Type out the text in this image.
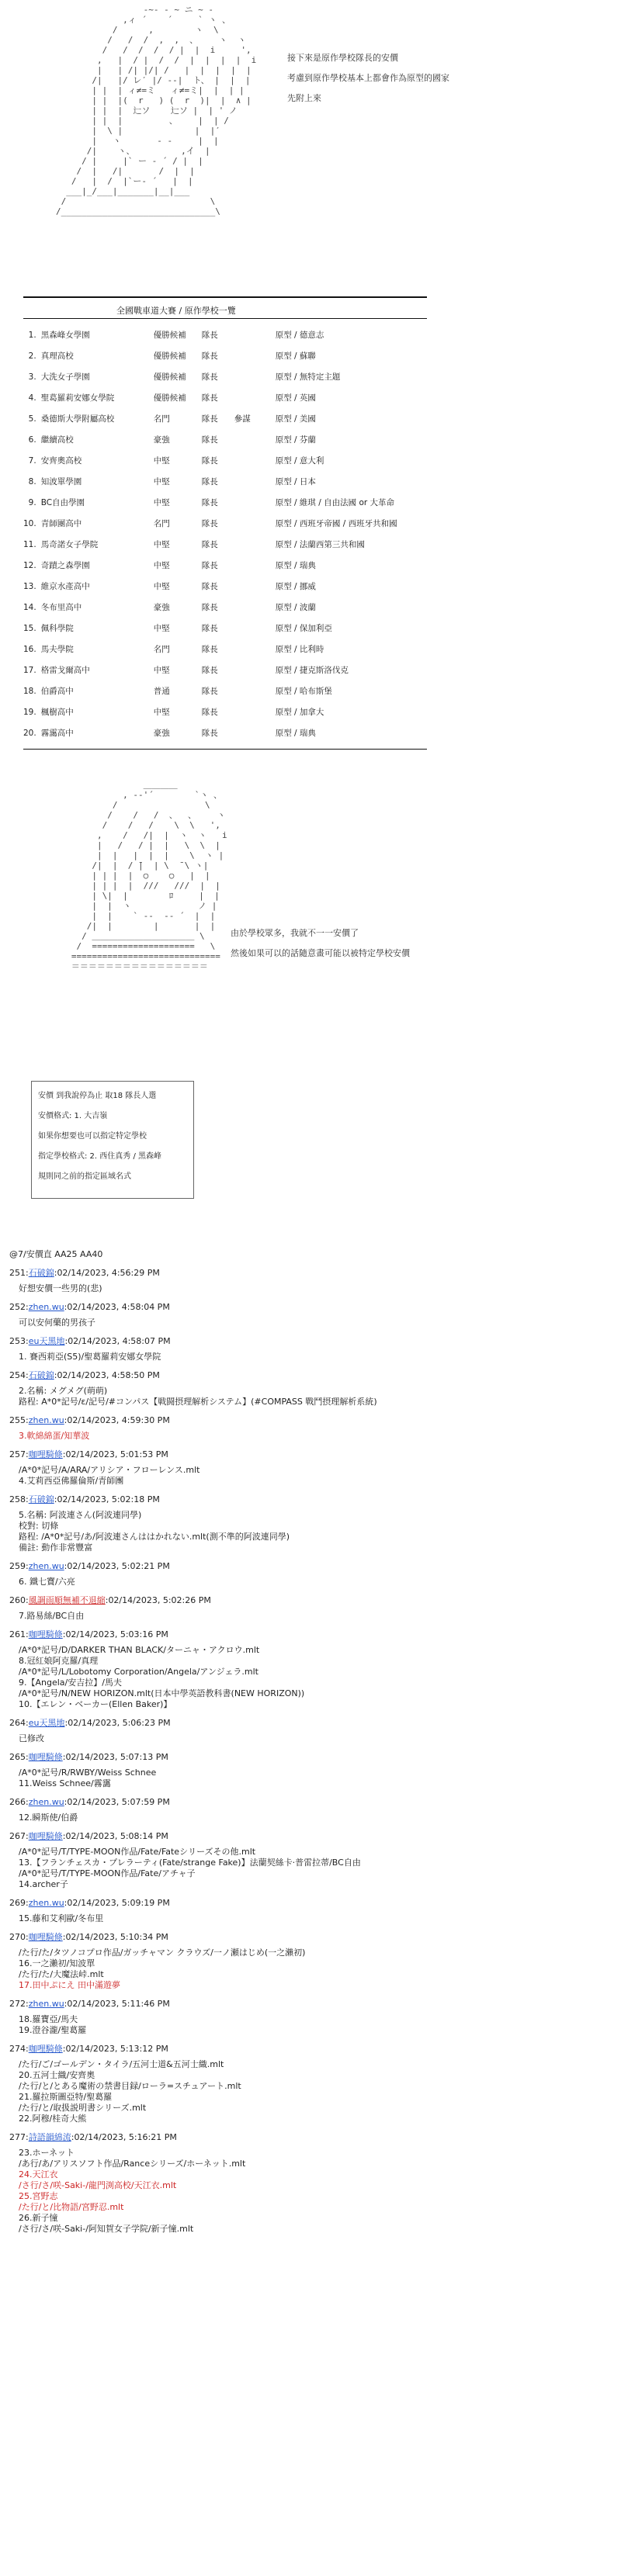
-~- ‐ ~ ニ ~ -
,ィ ´    ´     ` ヽ 、
/      ,        ヽ  \
/   /  /  ,  ,  、    ヽ  ヽ
/   /  /  /  / |  |  i     ',
,   |  / |  /  /  |  |  |  |  i
|   | /| |/| /   |  |  |  |  |
/|   |/ レ′ |/ -‐|  ト、 |  |  |
| |  | ィ≠=ミ   ィ≠=ミ|  |  | |
| |  |(  r   ) (  r  )|  |  ∧ |
| |  |  辷ソ    辷ソ |  | ' ノ
| |  |         、    |  | /
|  \ |              |  |′
|   ヽ       ‐ ‐     |  |
/|    ヽ、         ,イ  |
/ |     |` ー ‐ ´ / |  |
/  |   /|       /  |  |
/   |  /  |`ー‐ ´   |  |
___|_/___|_______|__|___
/                            \
/______________________________\

接下來是原作學校隊長的安價
考慮到原作學校基本上都會作為原型的國家
先附上來
全國戰車道大賽 / 原作學校一覽
1.	黑森峰女學園	優勝候補	隊長		原型 / 德意志
2.	真理高校	優勝候補	隊長		原型 / 蘇聯
3.	大洗女子學園	優勝候補	隊長		原型 / 無特定主題
4.	聖葛羅莉安娜女學院	優勝候補	隊長		原型 / 英國
5.	桑德斯大學附屬高校	名門	隊長	參謀	原型 / 美國
6.	繼續高校	豪強	隊長		原型 / 芬蘭
7.	安齊奧高校	中堅	隊長		原型 / 意大利
8.	知波單學園	中堅	隊長		原型 / 日本
9.	BC自由學園	中堅	隊長		原型 / 維琪 / 自由法國 or 大革命
10.	青師團高中	名門	隊長		原型 / 西班牙帝國 / 西班牙共和國
11.	馬奇諾女子學院	中堅	隊長		原型 / 法蘭西第三共和國
12.	奇蹟之森學園	中堅	隊長		原型 / 瑞典
13.	維京水產高中	中堅	隊長		原型 / 挪威
14.	冬布里高中	豪強	隊長		原型 / 波蘭
15.	佩科學院	中堅	隊長		原型 / 保加利亞
16.	馬夫學院	名門	隊長		原型 / 比利時
17.	格雷戈爾高中	中堅	隊長		原型 / 捷克斯洛伐克
18.	伯爵高中	普通	隊長		原型 / 哈布斯堡
19.	楓樹高中	中堅	隊長		原型 / 加拿大
20.	霧靄高中	豪強	隊長		原型 / 瑞典
＿＿＿＿
, -‐'´        `ヽ 、
/                 \
/    /   /  、  、    ヽ
/    /   /    \  \   ',
,    /   /|  |  ヽ  ヽ   i
|   /   / |  |   \  \  |
|  |   |  |  |    \  ヽ |
/|  |  / ̄|  | \  ̄ \ ヽ|
| | |  |  ○    ○   |  |
| | |  |  ///   ///  |  |
| \|  |        ﾛ     |  |
|  |  ヽ             ノ |
|  |    ` ‐-  -‐ ´  |  |
/|  |        |       |  |
/ ＿＿＿＿＿＿＿＿＿＿＿＿ \
/  ====================   \
=============================
＝＝＝＝＝＝＝＝＝＝＝＝＝＝＝＝

由於學校眾多，我就不一一安價了
然後如果可以的話隨意畫可能以被特定學校安價
安價 到我說停為止 取18 隊長人選
安價格式: 1. 大吉嶺
如果你想要也可以指定特定學校
指定學校格式: 2. 西住真秀 / 黑森峰
規則同之前的指定區域名式
@7/安價直 AA25 AA40
251:石破錦:02/14/2023, 4:56:29 PM
好想安價一些男的(悲)
252:zhen.wu:02/14/2023, 4:58:04 PM
可以安何藥的男孩子
253:eu天黑地:02/14/2023, 4:58:07 PM
1. 賽西莉亞(S5)/聖葛羅莉安娜女學院
254:石破錦:02/14/2023, 4:58:50 PM
2.名稱: メグメグ(萌萌)
路程: A*0*記号/ε/記号/#コンパス【戦闘摂理解析システム】(#COMPASS 戰鬥摂理解析系統)
255:zhen.wu:02/14/2023, 4:59:30 PM
3.軟綿綿蛋/知華波
257:咖哩騎條:02/14/2023, 5:01:53 PM
/A*0*記号/A/ARA/アリシア・フローレンス.mlt
4.艾莉西亞佛羅倫斯/青師團
258:石破錦:02/14/2023, 5:02:18 PM
5.名稱: 阿波連さん(阿波連同學)
校對: 切條
路程: /A*0*記号/あ/阿波連さんははかれない.mlt(測不準的阿波連同學)
備註: 動作非常豐富
259:zhen.wu:02/14/2023, 5:02:21 PM
6. 鐵七寶/六亮
260:風調雨順無補不退縮:02/14/2023, 5:02:26 PM
7.路易絲/BC自由
261:咖哩騎條:02/14/2023, 5:03:16 PM
/A*0*記号/D/DARKER THAN BLACK/ターニャ・アクロウ.mlt
8.冠紅娘阿克羅/真理
/A*0*記号/L/Lobotomy Corporation/Angela/アンジェラ.mlt
9.【Angela/安吉拉】/馬夫
/A*0*記号/N/NEW HORIZON.mlt(日本中學英語教科書(NEW HORIZON))
10.【エレン・ベーカー(Ellen Baker)】
264:eu天黑地:02/14/2023, 5:06:23 PM
已修改
265:咖哩騎條:02/14/2023, 5:07:13 PM
/A*0*記号/R/RWBY/Weiss Schnee
11.Weiss Schnee/霧靄
266:zhen.wu:02/14/2023, 5:07:59 PM
12.瞬斯使/伯爵
267:咖哩騎條:02/14/2023, 5:08:14 PM
/A*0*記号/T/TYPE-MOON作品/Fate/Fateシリーズその他.mlt
13.【フランチェスカ・プレラーティ(Fate/strange Fake)】法蘭契絲卡·普雷拉蒂/BC自由
/A*0*記号/T/TYPE-MOON作品/Fate/アチャ子
14.archer子
269:zhen.wu:02/14/2023, 5:09:19 PM
15.藤和艾利歐/冬布里
270:咖哩騎條:02/14/2023, 5:10:34 PM
/た行/た/タツノコプロ作品/ガッチャマン クラウズ/一ノ瀬はじめ(一之瀨初)
16.一之瀨初/知波單
/た行/た/大魔法峠.mlt
17.田中ぷにえ 田中滿遊夢
272:zhen.wu:02/14/2023, 5:11:46 PM
18.羅寶亞/馬夫
19.澄谷瀧/聖葛羅
274:咖哩騎條:02/14/2023, 5:13:12 PM
/た行/ご/ゴールデン・タイラ/五河士道&五河士織.mlt
20.五河士織/安齊奧
/た行/と/とある魔術の禁書目録/ローラ=スチュアート.mlt
21.羅拉斯圖亞特/聖葛羅
/た行/と/取扱説明書シリーズ.mlt
22.阿穆/桂奇大熊
277:詩語韻綿流:02/14/2023, 5:16:21 PM
23.ホーネット
/あ行/あ/アリスソフト作品/Ranceシリーズ/ホーネット.mlt
24.天江衣
/さ行/さ/咲-Saki-/龍門渕高校/天江衣.mlt
25.宮野志
/た行/と/比物語/宮野忍.mlt
26.新子憧
/さ行/さ/咲-Saki-/阿知賀女子学院/新子憧.mlt
